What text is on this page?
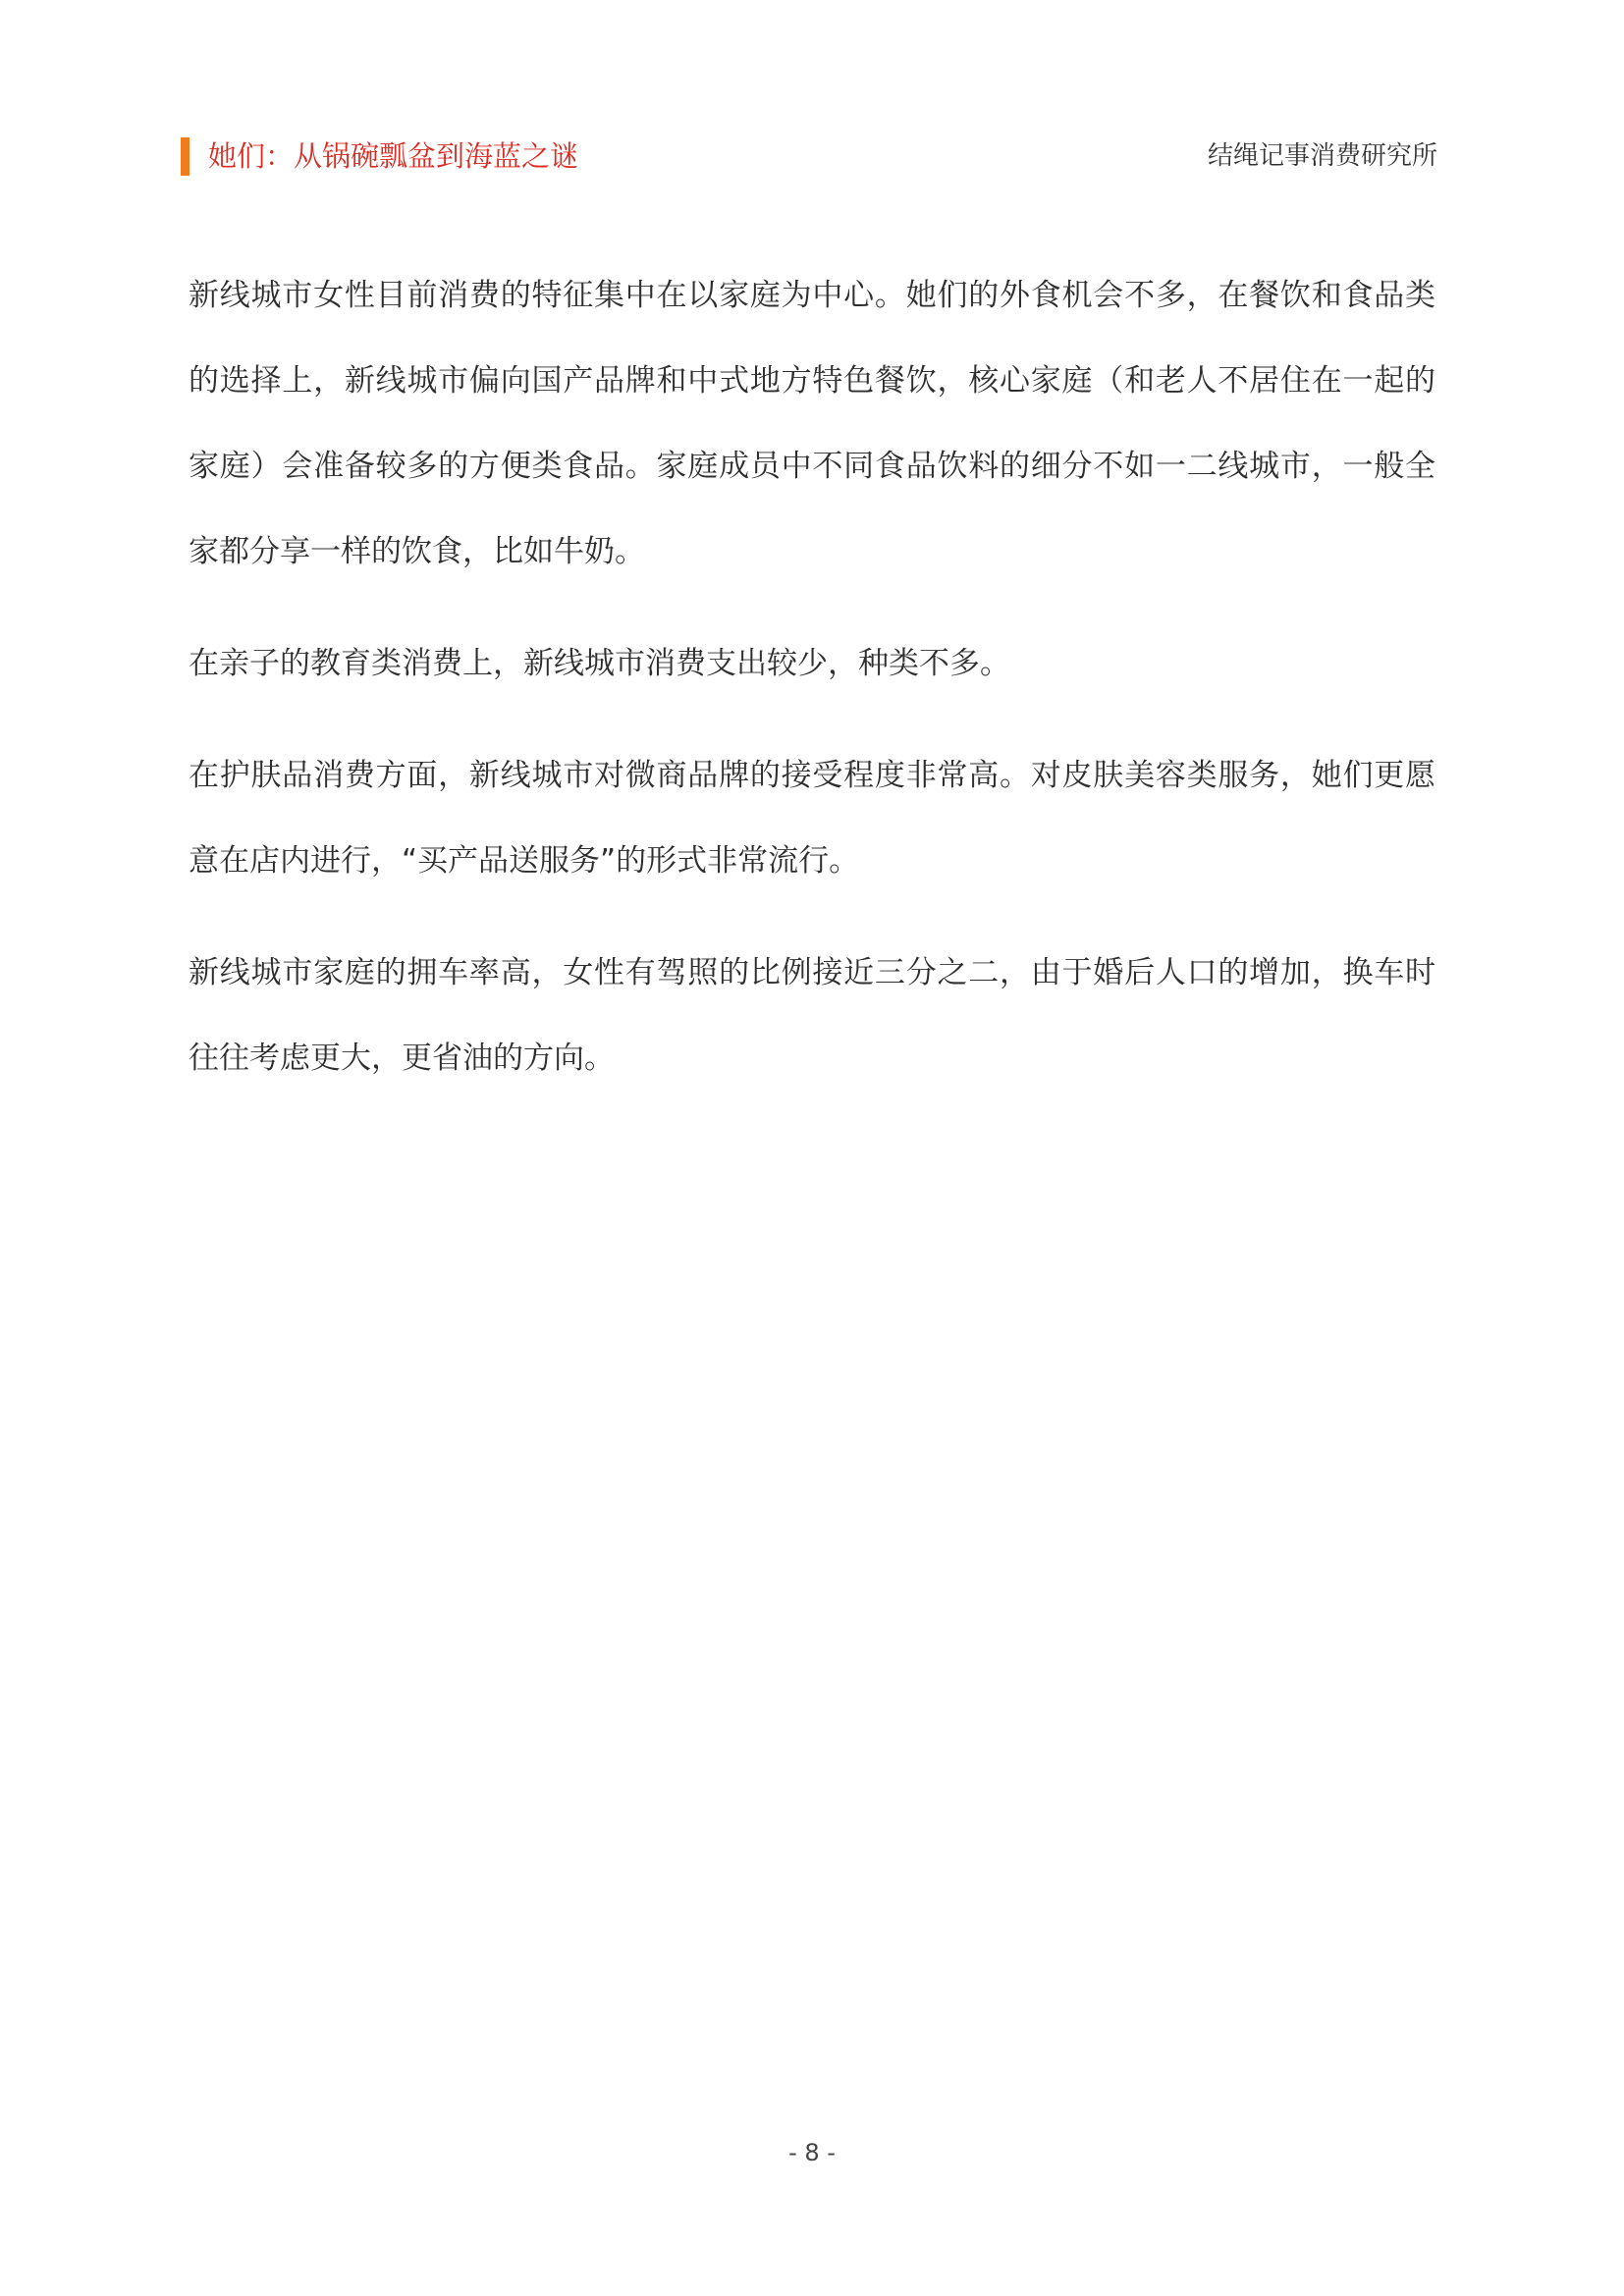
她们：从锅碗瓢盆到海蓝之谜	结绳记事消费研究所

新线城市女性目前消费的特征集中在以家庭为中心。她们的外食机会不多，在餐饮和食品类的选择上，新线城市偏向国产品牌和中式地方特色餐饮，核心家庭（和老人不居住在一起的家庭）会准备较多的方便类食品。家庭成员中不同食品饮料的细分不如一二线城市，一般全家都分享一样的饮食，比如牛奶。

在亲子的教育类消费上，新线城市消费支出较少，种类不多。

在护肤品消费方面，新线城市对微商品牌的接受程度非常高。对皮肤美容类服务，她们更愿意在店内进行，“买产品送服务”的形式非常流行。

新线城市家庭的拥车率高，女性有驾照的比例接近三分之二，由于婚后人口的增加，换车时往往考虑更大，更省油的方向。

- 8 -
